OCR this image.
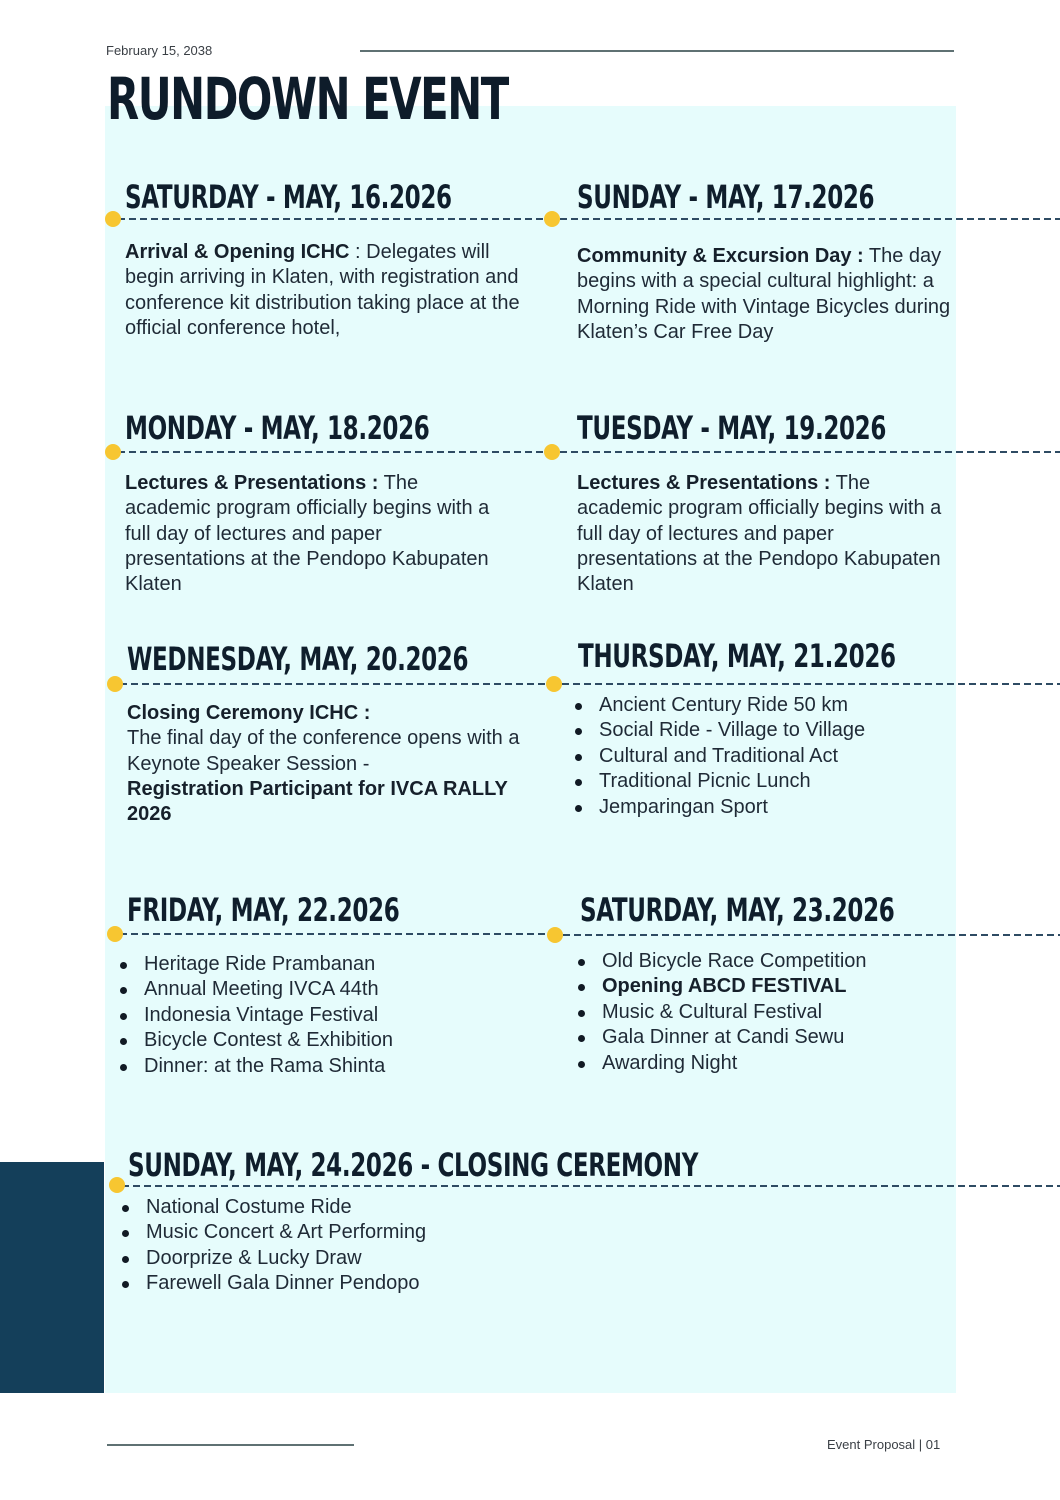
February 15, 2038
RUNDOWN EVENT
SATURDAY - MAY, 16.2026
Arrival & Opening ICHC : Delegates will begin arriving in Klaten, with registration and conference kit distribution taking place at the official conference hotel,
SUNDAY - MAY, 17.2026
Community & Excursion Day : The day begins with a special cultural highlight: a Morning Ride with Vintage Bicycles during Klaten’s Car Free Day
MONDAY - MAY, 18.2026
Lectures & Presentations : The academic program officially begins with a full day of lectures and paper presentations at the Pendopo Kabupaten Klaten
TUESDAY - MAY, 19.2026
Lectures & Presentations : The academic program officially begins with a full day of lectures and paper presentations at the Pendopo Kabupaten Klaten
WEDNESDAY, MAY, 20.2026
Closing Ceremony ICHC :
The final day of the conference opens with a Keynote Speaker Session -
Registration Participant for IVCA RALLY 2026
THURSDAY, MAY, 21.2026
Ancient Century Ride 50 km
Social Ride - Village to Village
Cultural and Traditional Act
Traditional Picnic Lunch
Jemparingan Sport
FRIDAY, MAY, 22.2026
Heritage Ride Prambanan
Annual Meeting IVCA 44th
Indonesia Vintage Festival
Bicycle Contest & Exhibition
Dinner: at the Rama Shinta
SATURDAY, MAY, 23.2026
Old Bicycle Race Competition
Opening ABCD FESTIVAL
Music & Cultural Festival
Gala Dinner at Candi Sewu
Awarding Night
SUNDAY, MAY, 24.2026 - CLOSING CEREMONY
National Costume Ride
Music Concert & Art Performing
Doorprize & Lucky Draw
Farewell Gala Dinner Pendopo
Event Proposal | 01
